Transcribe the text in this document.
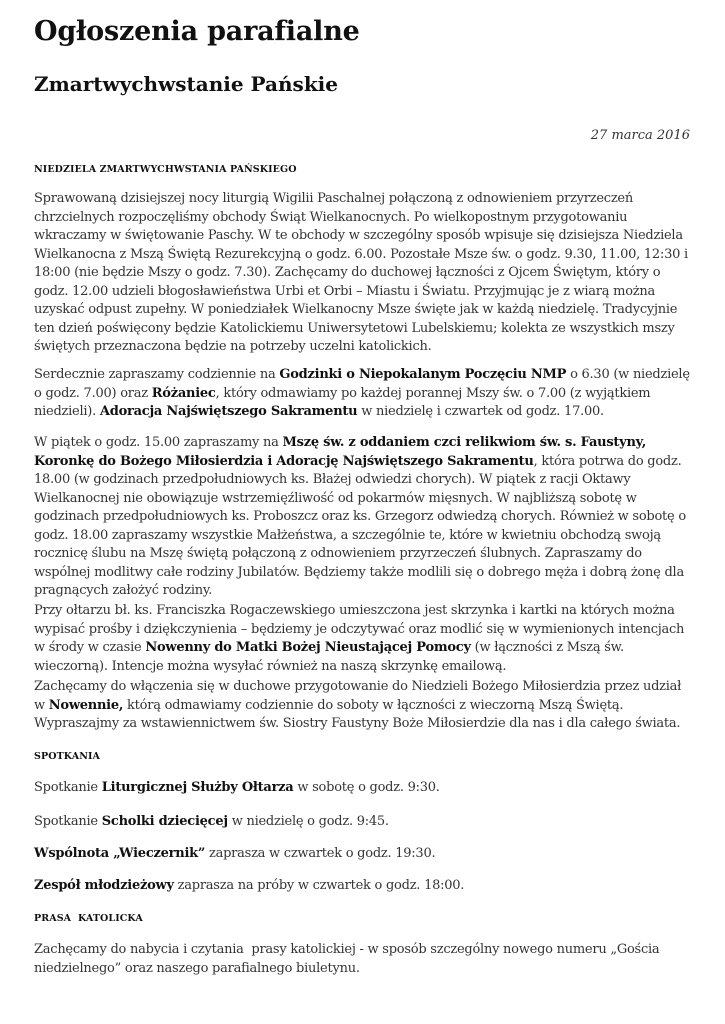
Ogłoszenia parafialne
Zmartwychwstanie Pańskie
27 marca 2016
NIEDZIELA ZMARTWYCHWSTANIA PAŃSKIEGO

Sprawowaną dzisiejszej nocy liturgią Wigilii Paschalnej połączoną z odnowieniem przyrzeczeń chrzcielnych rozpoczęliśmy obchody Świąt Wielkanocnych. Po wielkopostnym przygotowaniu wkraczamy w świętowanie Paschy. W te obchody w szczególny sposób wpisuje się dzisiejsza Niedziela Wielkanocna z Mszą Świętą Rezurekcyjną o godz. 6.00. Pozostałe Msze św. o godz. 9.30, 11.00, 12:30 i 18:00 (nie będzie Mszy o godz. 7.30). Zachęcamy do duchowej łączności z Ojcem Świętym, który o godz. 12.00 udzieli błogosławieństwa Urbi et Orbi – Miastu i Światu. Przyjmując je z wiarą można uzyskać odpust zupełny. W poniedziałek Wielkanocny Msze święte jak w każdą niedzielę. Tradycyjnie ten dzień poświęcony będzie Katolickiemu Uniwersytetowi Lubelskiemu; kolekta ze wszystkich mszy świętych przeznaczona będzie na potrzeby uczelni katolickich.

Serdecznie zapraszamy codziennie na Godzinki o Niepokalanym Poczęciu NMP o 6.30 (w niedzielę o godz. 7.00) oraz Różaniec, który odmawiamy po każdej porannej Mszy św. o 7.00 (z wyjątkiem niedzieli). Adoracja Najświętszego Sakramentu w niedzielę i czwartek od godz. 17.00.

W piątek o godz. 15.00 zapraszamy na Mszę św. z oddaniem czci relikwiom św. s. Faustyny, Koronkę do Bożego Miłosierdzia i Adorację Najświętszego Sakramentu, która potrwa do godz. 18.00 (w godzinach przedpołudniowych ks. Błażej odwiedzi chorych). W piątek z racji Oktawy Wielkanocnej nie obowiązuje wstrzemięźliwość od pokarmów mięsnych. W najbliższą sobotę w godzinach przedpołudniowych ks. Proboszcz oraz ks. Grzegorz odwiedzą chorych. Również w sobotę o godz. 18.00 zapraszamy wszystkie Małżeństwa, a szczególnie te, które w kwietniu obchodzą swoją rocznicę ślubu na Mszę świętą połączoną z odnowieniem przyrzeczeń ślubnych. Zapraszamy do wspólnej modlitwy całe rodziny Jubilatów. Będziemy także modlili się o dobrego męża i dobrą żonę dla pragnących założyć rodziny.

Przy ołtarzu bł. ks. Franciszka Rogaczewskiego umieszczona jest skrzynka i kartki na których można wypisać prośby i dziękczynienia – będziemy je odczytywać oraz modlić się w wymienionych intencjach w środy w czasie Nowenny do Matki Bożej Nieustającej Pomocy (w łączności z Mszą św. wieczorną). Intencje można wysyłać również na naszą skrzynkę emailową.

Zachęcamy do włączenia się w duchowe przygotowanie do Niedzieli Bożego Miłosierdzia przez udział w Nowennie, którą odmawiamy codziennie do soboty w łączności z wieczorną Mszą Świętą. Wypraszajmy za wstawiennictwem św. Siostry Faustyny Boże Miłosierdzie dla nas i dla całego świata.

SPOTKANIA

Spotkanie Liturgicznej Służby Ołtarza w sobotę o godz. 9:30.

Spotkanie Scholki dziecięcej w niedzielę o godz. 9:45.

Wspólnota „Wieczernik” zaprasza w czwartek o godz. 19:30.

Zespół młodzieżowy zaprasza na próby w czwartek o godz. 18:00.

PRASA  KATOLICKA

Zachęcamy do nabycia i czytania  prasy katolickiej - w sposób szczególny nowego numeru „Gościa niedzielnego” oraz naszego parafialnego biuletynu.
